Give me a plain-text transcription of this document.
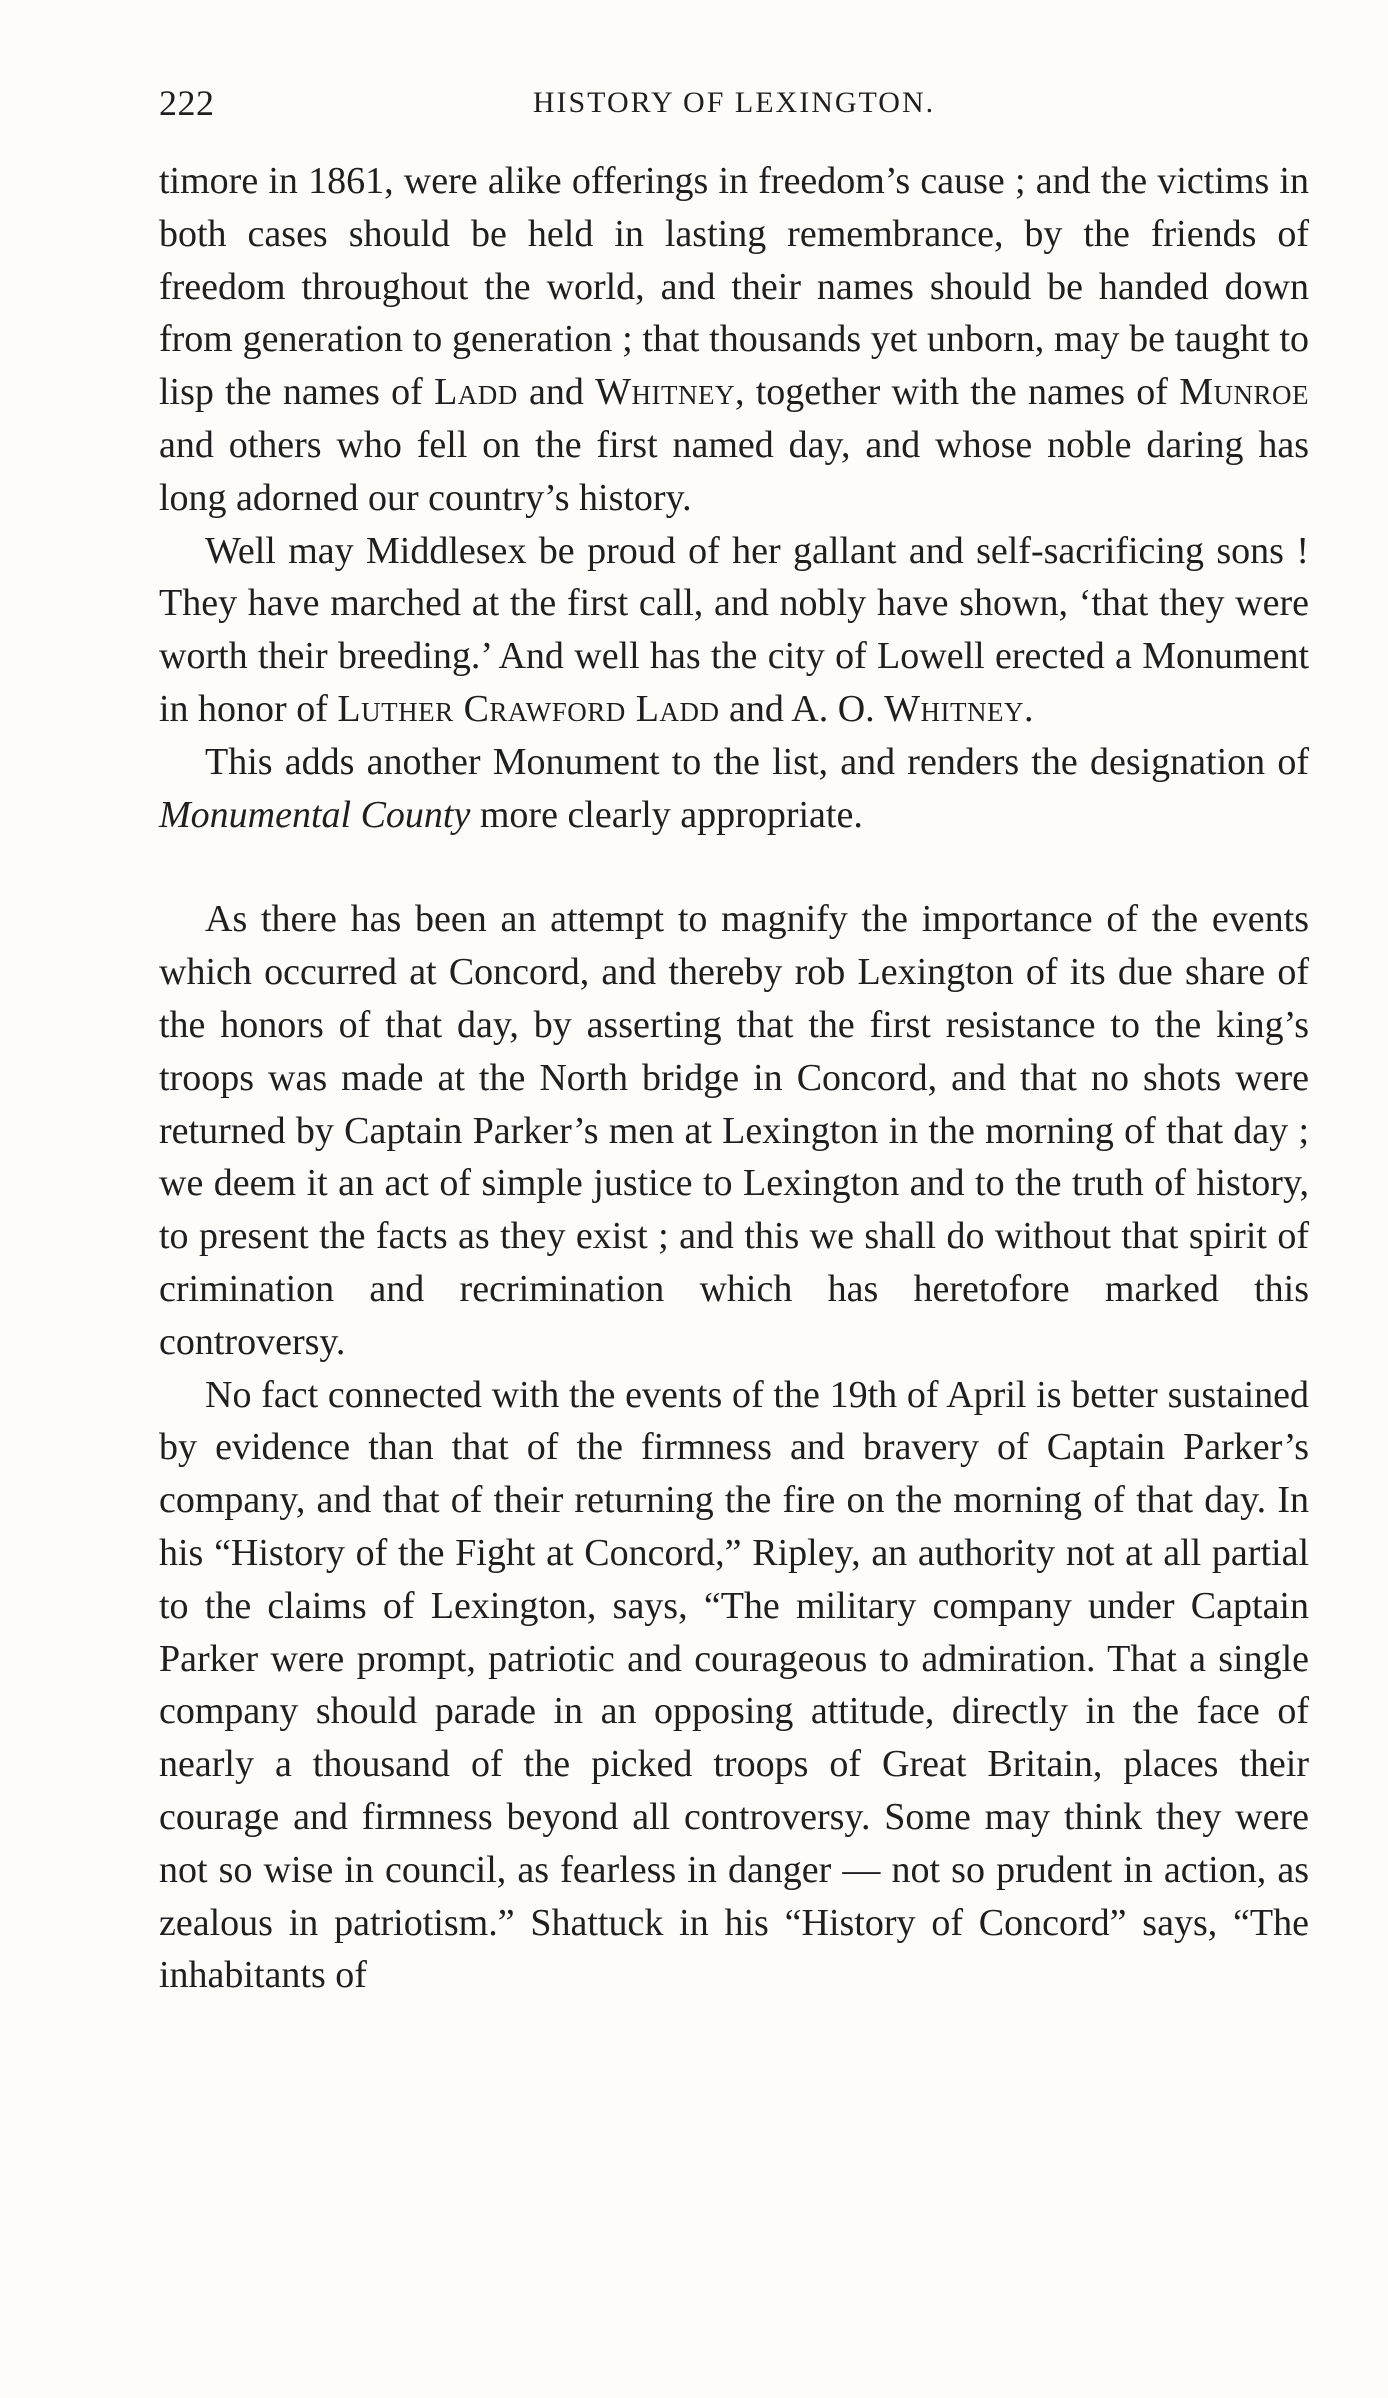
222	HISTORY OF LEXINGTON.

timore in 1861, were alike offerings in freedom’s cause ; and the victims in both cases should be held in lasting remembrance, by the friends of freedom throughout the world, and their names should be handed down from generation to generation ; that thousands yet unborn, may be taught to lisp the names of Ladd and Whitney, together with the names of Munroe and others who fell on the first named day, and whose noble daring has long adorned our country’s history.

Well may Middlesex be proud of her gallant and self-sacrificing sons ! They have marched at the first call, and nobly have shown, ‘that they were worth their breeding.’ And well has the city of Lowell erected a Monument in honor of Luther Crawford Ladd and A. O. Whitney.

This adds another Monument to the list, and renders the designation of Monumental County more clearly appropriate.

As there has been an attempt to magnify the importance of the events which occurred at Concord, and thereby rob Lexington of its due share of the honors of that day, by asserting that the first resistance to the king’s troops was made at the North bridge in Concord, and that no shots were returned by Captain Parker’s men at Lexington in the morning of that day ; we deem it an act of simple justice to Lexington and to the truth of history, to present the facts as they exist ; and this we shall do without that spirit of crimination and recrimination which has heretofore marked this controversy.

No fact connected with the events of the 19th of April is better sustained by evidence than that of the firmness and bravery of Captain Parker’s company, and that of their returning the fire on the morning of that day. In his “History of the Fight at Concord,” Ripley, an authority not at all partial to the claims of Lexington, says, “The military company under Captain Parker were prompt, patriotic and courageous to admiration. That a single company should parade in an opposing attitude, directly in the face of nearly a thousand of the picked troops of Great Britain, places their courage and firmness beyond all controversy. Some may think they were not so wise in council, as fearless in danger — not so prudent in action, as zealous in patriotism.” Shattuck in his “History of Concord” says, “The inhabitants of
